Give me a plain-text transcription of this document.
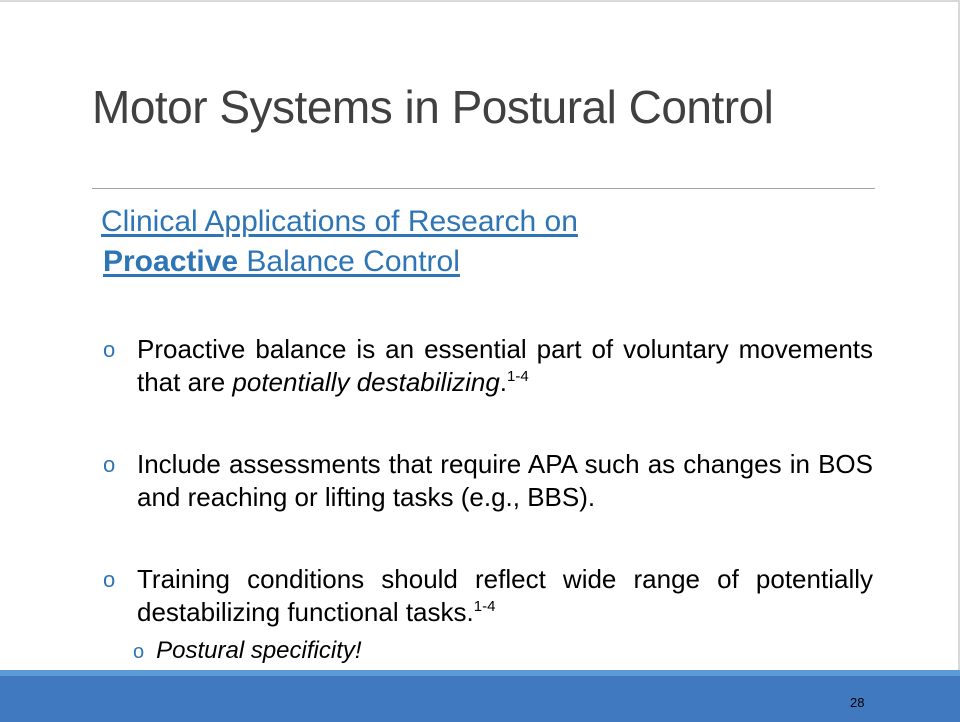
Motor Systems in Postural Control
Clinical Applications of Research on
Proactive Balance Control
o Proactive balance is an essential part of voluntary movements that are potentially destabilizing.$^{1-4}$
o Include assessments that require APA such as changes in BOS and reaching or lifting tasks (e.g., BBS).
o Training conditions should reflect wide range of potentially destabilizing functional tasks.$^{1-4}$
o Postural specificity!
28
